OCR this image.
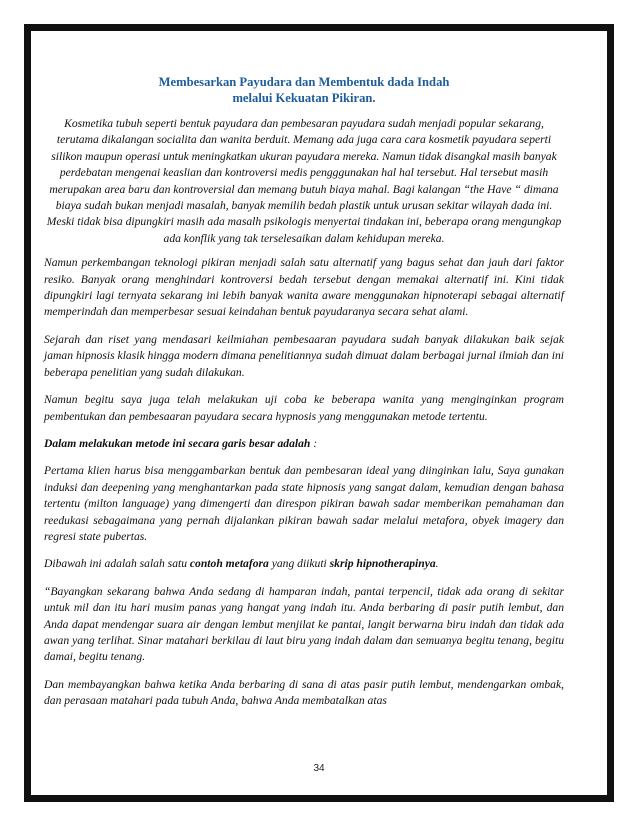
Membesarkan Payudara dan Membentuk dada Indah
melalui Kekuatan Pikiran.
Kosmetika tubuh seperti bentuk payudara dan pembesaran payudara sudah menjadi popular sekarang, terutama dikalangan socialita dan wanita berduit. Memang ada juga cara cara kosmetik payudara seperti silikon maupun operasi untuk meningkatkan ukuran payudara mereka. Namun tidak disangkal masih banyak perdebatan mengenai keaslian dan kontroversi medis pengggunakan hal hal tersebut. Hal tersebut masih merupakan area baru dan kontroversial dan memang butuh biaya mahal. Bagi kalangan “the Have “ dimana biaya sudah bukan menjadi masalah, banyak memilih bedah plastik untuk urusan sekitar wilayah dada ini. Meski tidak bisa dipungkiri masih ada masalh psikologis menyertai tindakan ini, beberapa orang mengungkap ada konflik yang tak terselesaikan dalam kehidupan mereka.

Namun perkembangan teknologi pikiran menjadi salah satu alternatif yang bagus sehat dan jauh dari faktor resiko. Banyak orang menghindari kontroversi bedah tersebut dengan memakai alternatif ini. Kini tidak dipungkiri lagi ternyata sekarang ini lebih banyak wanita aware menggunakan hipnoterapi sebagai alternatif memperindah dan memperbesar sesuai keindahan bentuk payudaranya secara sehat alami.

Sejarah dan riset yang mendasari keilmiahan pembesaaran payudara sudah banyak dilakukan baik sejak jaman hipnosis klasik hingga modern dimana penelitiannya sudah dimuat dalam berbagai jurnal ilmiah dan ini beberapa penelitian yang sudah dilakukan.

Namun begitu saya juga telah melakukan uji coba ke beberapa wanita yang menginginkan program pembentukan dan pembesaaran payudara secara hypnosis yang menggunakan metode tertentu.

Dalam melakukan metode ini secara garis besar adalah :

Pertama klien harus bisa menggambarkan bentuk dan pembesaran ideal yang diinginkan lalu, Saya gunakan induksi dan deepening yang menghantarkan pada state hipnosis yang sangat dalam, kemudian dengan bahasa tertentu (milton language) yang dimengerti dan direspon pikiran bawah sadar memberikan pemahaman dan reedukasi sebagaimana yang pernah dijalankan pikiran bawah sadar melalui metafora, obyek imagery dan regresi state pubertas.

Dibawah ini adalah salah satu contoh metafora yang diikuti skrip hipnotherapinya.

“Bayangkan sekarang bahwa Anda sedang di hamparan indah, pantai terpencil, tidak ada orang di sekitar untuk mil dan itu hari musim panas yang hangat yang indah itu. Anda berbaring di pasir putih lembut, dan Anda dapat mendengar suara air dengan lembut menjilat ke pantai, langit berwarna biru indah dan tidak ada awan yang terlihat. Sinar matahari berkilau di laut biru yang indah dalam dan semuanya begitu tenang, begitu damai, begitu tenang.

Dan membayangkan bahwa ketika Anda berbaring di sana di atas pasir putih lembut, mendengarkan ombak, dan perasaan matahari pada tubuh Anda, bahwa Anda membatalkan atas

34
